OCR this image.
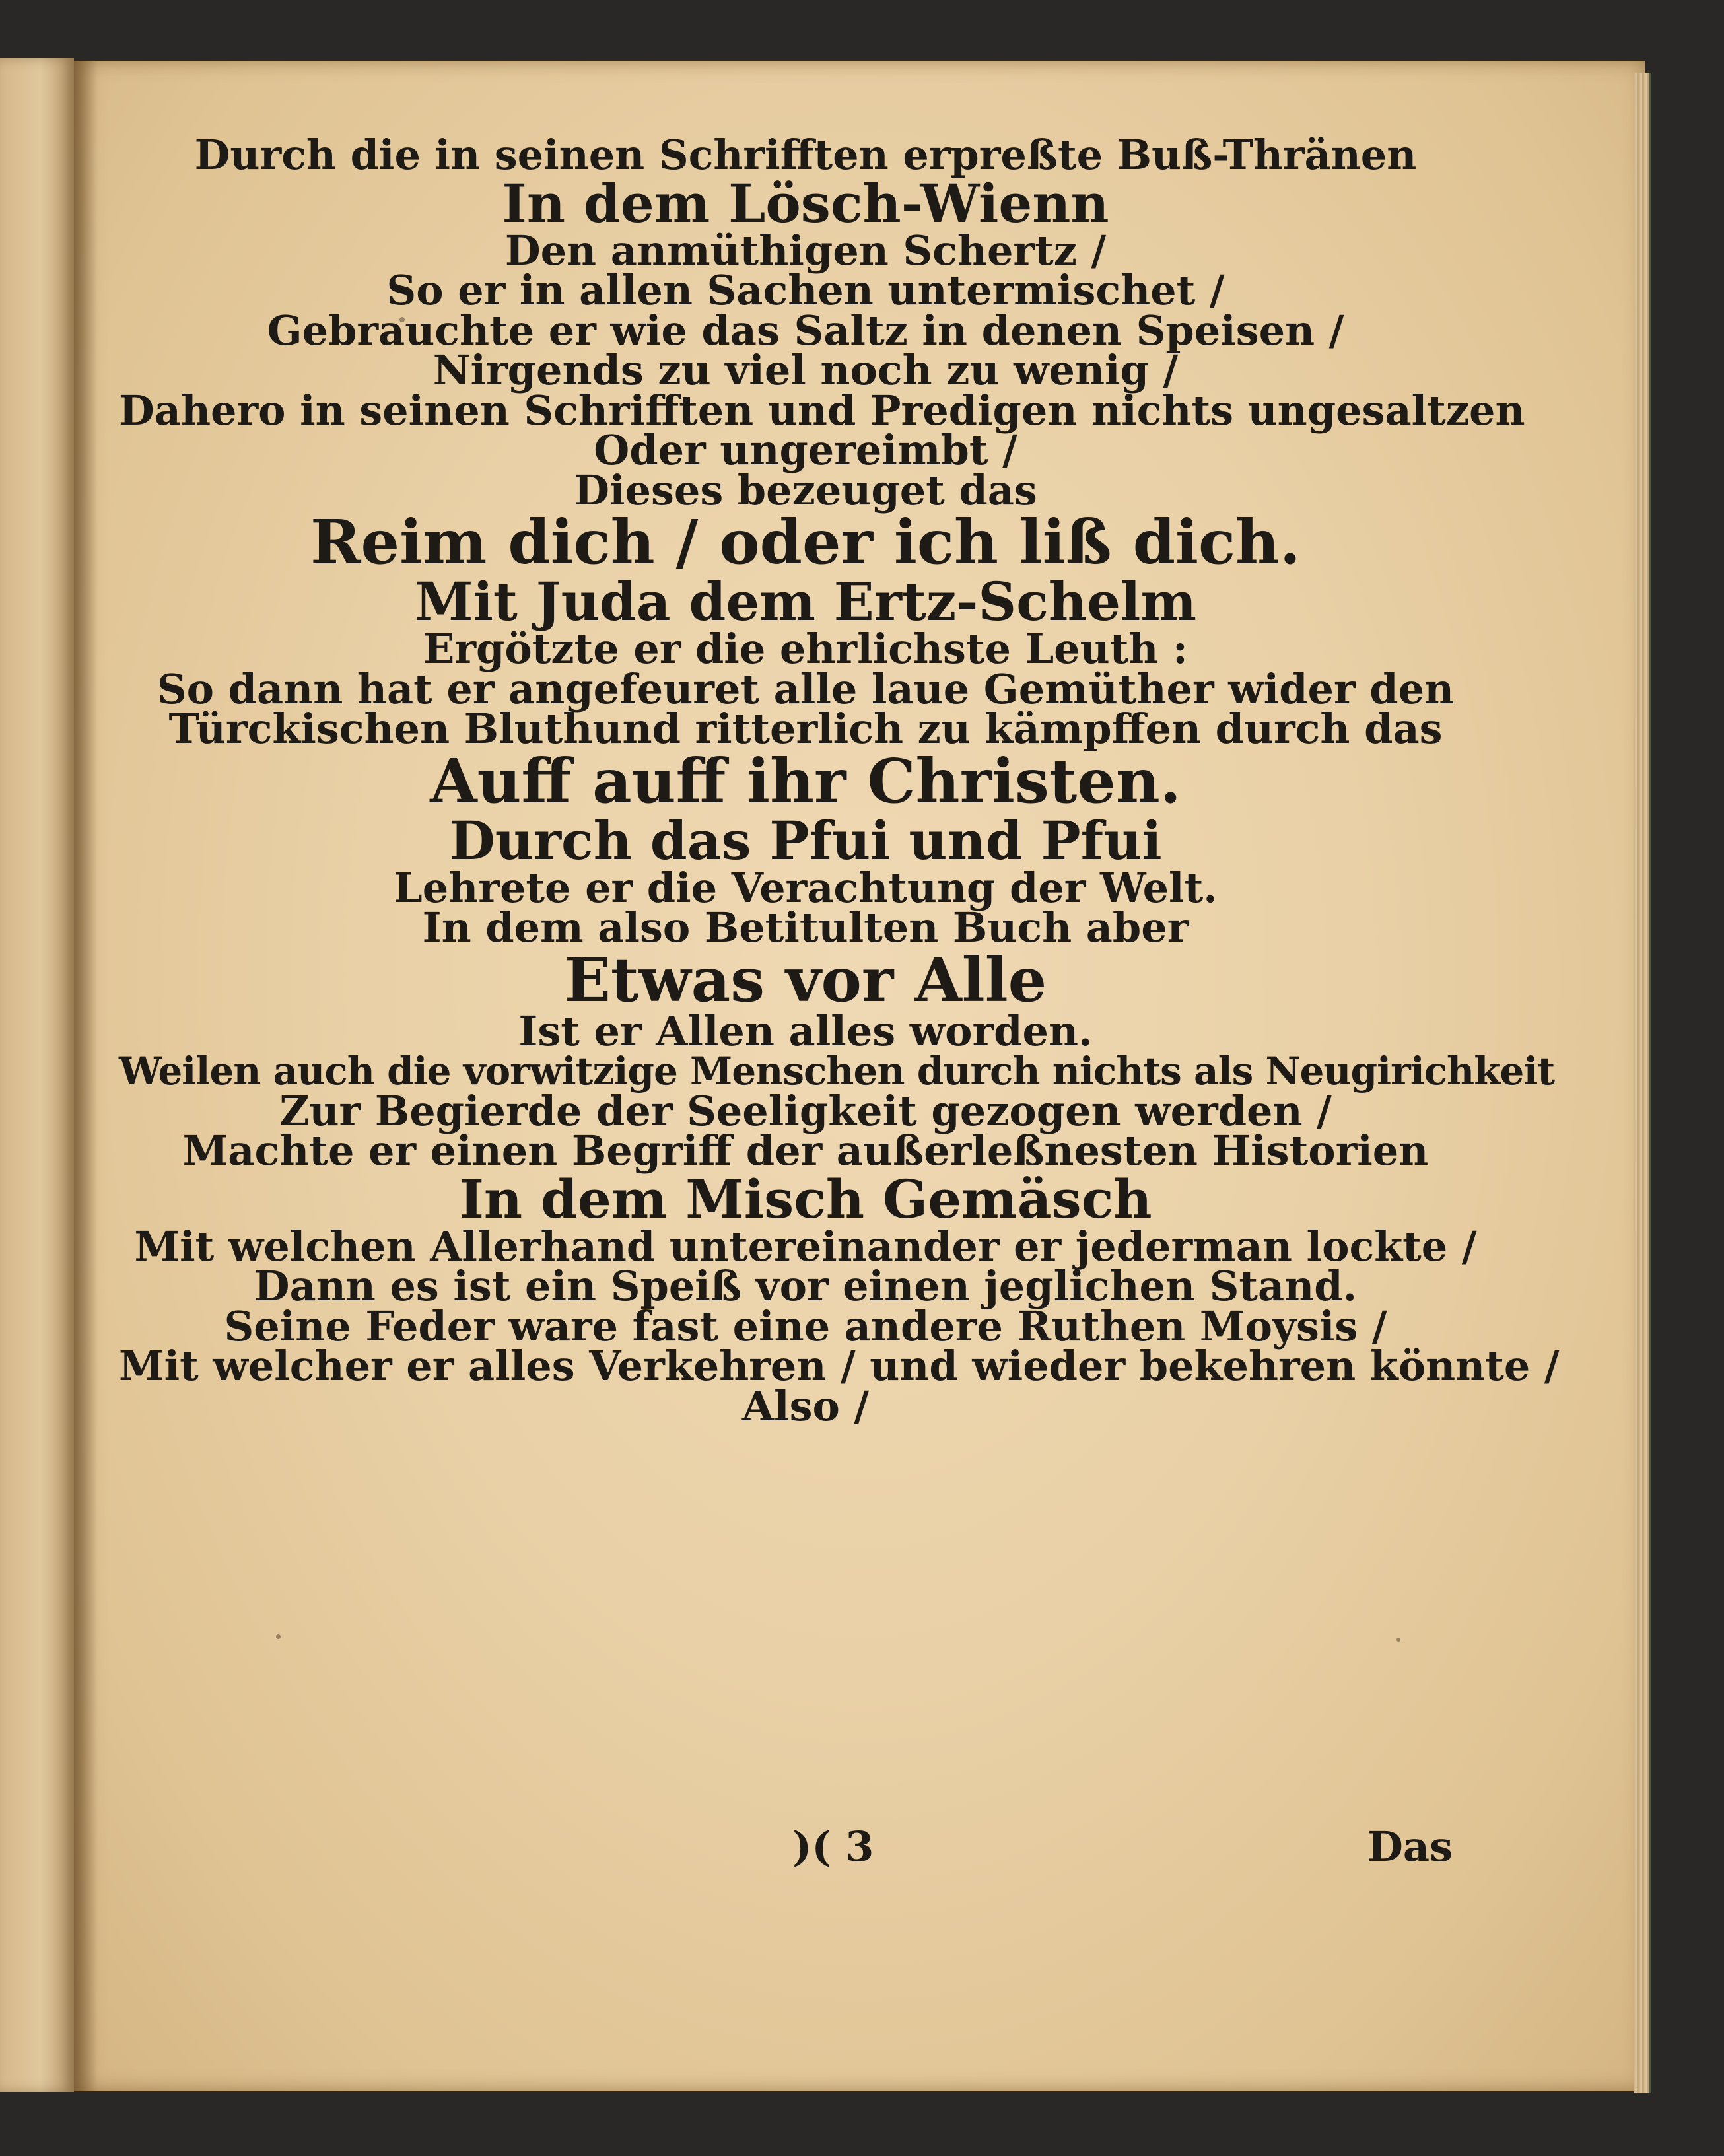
Durch die in seinen Schrifften erpreßte Buß-Thränen
In dem Lösch-Wienn
Den anmüthigen Schertz /
So er in allen Sachen untermischet /
Gebrauchte er wie das Saltz in denen Speisen /
Nirgends zu viel noch zu wenig /
Dahero in seinen Schrifften und Predigen nichts ungesaltzen
Oder ungereimbt /
Dieses bezeuget das
Reim dich / oder ich liß dich.
Mit Juda dem Ertz-Schelm
Ergötzte er die ehrlichste Leuth :
So dann hat er angefeuret alle laue Gemüther wider den
Türckischen Bluthund ritterlich zu kämpffen durch das
Auff auff ihr Christen.
Durch das Pfui und Pfui
Lehrete er die Verachtung der Welt.
In dem also Betitulten Buch aber
Etwas vor Alle
Ist er Allen alles worden.
Weilen auch die vorwitzige Menschen durch nichts als Neugirichkeit
Zur Begierde der Seeligkeit gezogen werden /
Machte er einen Begriff der außerleßnesten Historien
In dem Misch Gemäsch
Mit welchen Allerhand untereinander er jederman lockte /
Dann es ist ein Speiß vor einen jeglichen Stand.
Seine Feder ware fast eine andere Ruthen Moysis /
Mit welcher er alles Verkehren / und wieder bekehren könnte /
Also /
)( 3	Das
